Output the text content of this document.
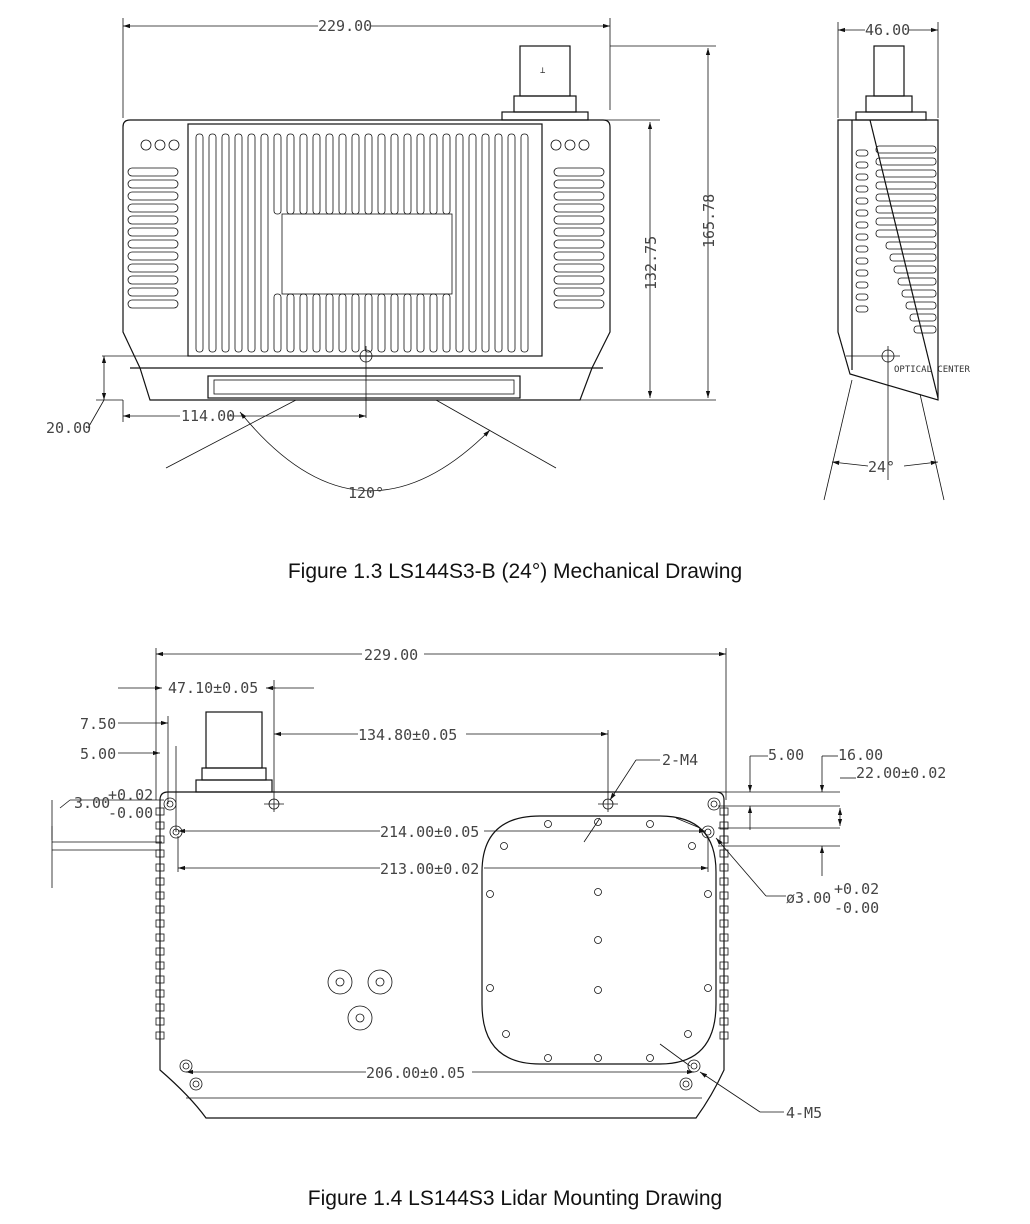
229.00
⊥
20.00
114.00
132.75
165.78
120°
46.00
OPTICAL CENTER
24°
229.00
47.10±0.05
7.50
5.00
3.00
+0.02
-0.00
134.80±0.05
2-M4
214.00±0.05
213.00±0.02
5.00 16.00
22.00±0.02
ø3.00 +0.02
-0.00
206.00±0.05
4-M5
Figure 1.3 LS144S3-B (24°) Mechanical Drawing
Figure 1.4 LS144S3 Lidar Mounting Drawing
